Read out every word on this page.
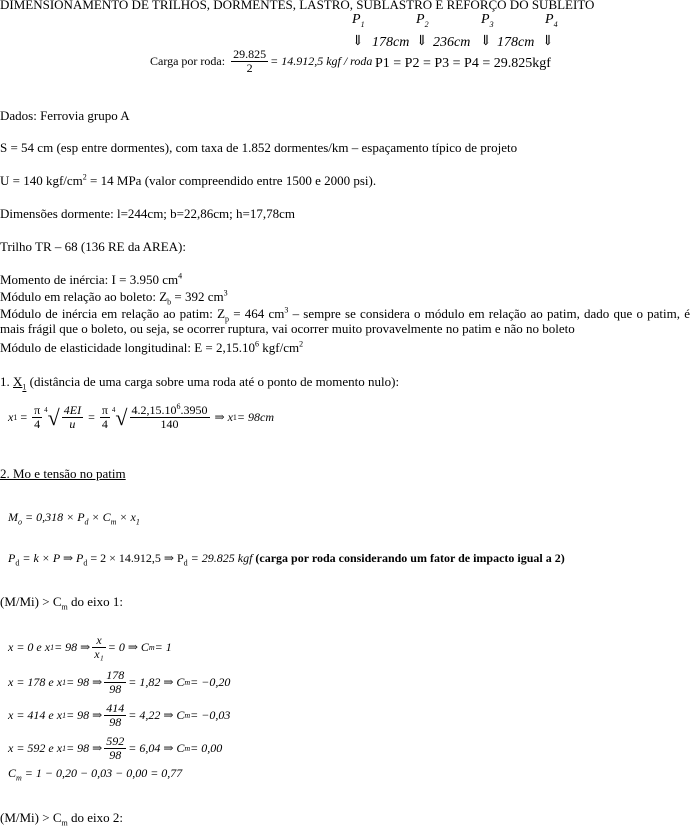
DIMENSIONAMENTO DE TRILHOS, DORMENTES, LASTRO, SUBLASTRO E REFORÇO DO SUBLEITO
$P_1$	$P_2$	$P_3$	$P_4$
⇓ 178cm ⇓ 236cm ⇓ 178cm ⇓
P1 = P2 = P3 = P4 = 29.825kgf
Carga por roda: $\frac{29.825}{2} = 14.912,5$ kgf / roda
Dados: Ferrovia grupo A
S = 54 cm (esp entre dormentes), com taxa de 1.852 dormentes/km – espaçamento típico de projeto
U = 140 kgf/$cm^2 = 14$ MPa (valor compreendido entre 1500 e 2000 psi).
Dimensões dormente: l=244cm; b=22,86cm; h=17,78cm
Trilho TR – 68 (136 RE da AREA):
Momento de inércia: I = 3.950 $cm^4$
Módulo em relação ao boleto: $Z_b = 392$ $cm^3$
Módulo de inércia em relação ao patim: $Z_p = 464$ $cm^3$ – sempre se considera o módulo em relação ao patim, dado que o patim, é mais frágil que o boleto, ou seja, se ocorrer ruptura, vai ocorrer muito provavelmente no patim e não no boleto
Módulo de elasticidade longitudinal: $E = 2,15.10^6$ kgf/$cm^2$
1. $X_1$ (distância de uma carga sobre uma roda até o ponto de momento nulo):
x $1 = \frac{\pi}{4} 4$ √ $\frac{4EI}{u} = \frac{\pi}{4} 4$ √ $\frac{4.2,15.10^6.3950}{140}$ ⇒ x 1 = 98cm
2. Mo e tensão no patim
$M_o = 0,318 \times P_d \times C_m \times x_1$
$P_d = k \times P$ ⇒ $P_d = 2 \times 14.912,5$ ⇒ $P_d = 29.825$ kgf (carga por roda considerando um fator de impacto igual a 2)
$(M/Mi) > C_m$ do eixo 1:
x = 0 e x 1 = 98 ⇒ $\frac{x}{\text{x₁}} = 0$ ⇒ C m = 1
x = 178 e x 1 = 98 ⇒ $\frac{178}{98} = 1,82$ ⇒ C m = −0,20
x = 414 e x 1 = 98 ⇒ $\frac{414}{98} = 4,22$ ⇒ C m = −0,03
x = 592 e x 1 = 98 ⇒ $\frac{592}{98} = 6,04$ ⇒ C m = 0,00
$C_m = 1 - 0,20 - 0,03 - 0,00 = 0,77$
$(M/Mi) > C_m$ do eixo 2:
